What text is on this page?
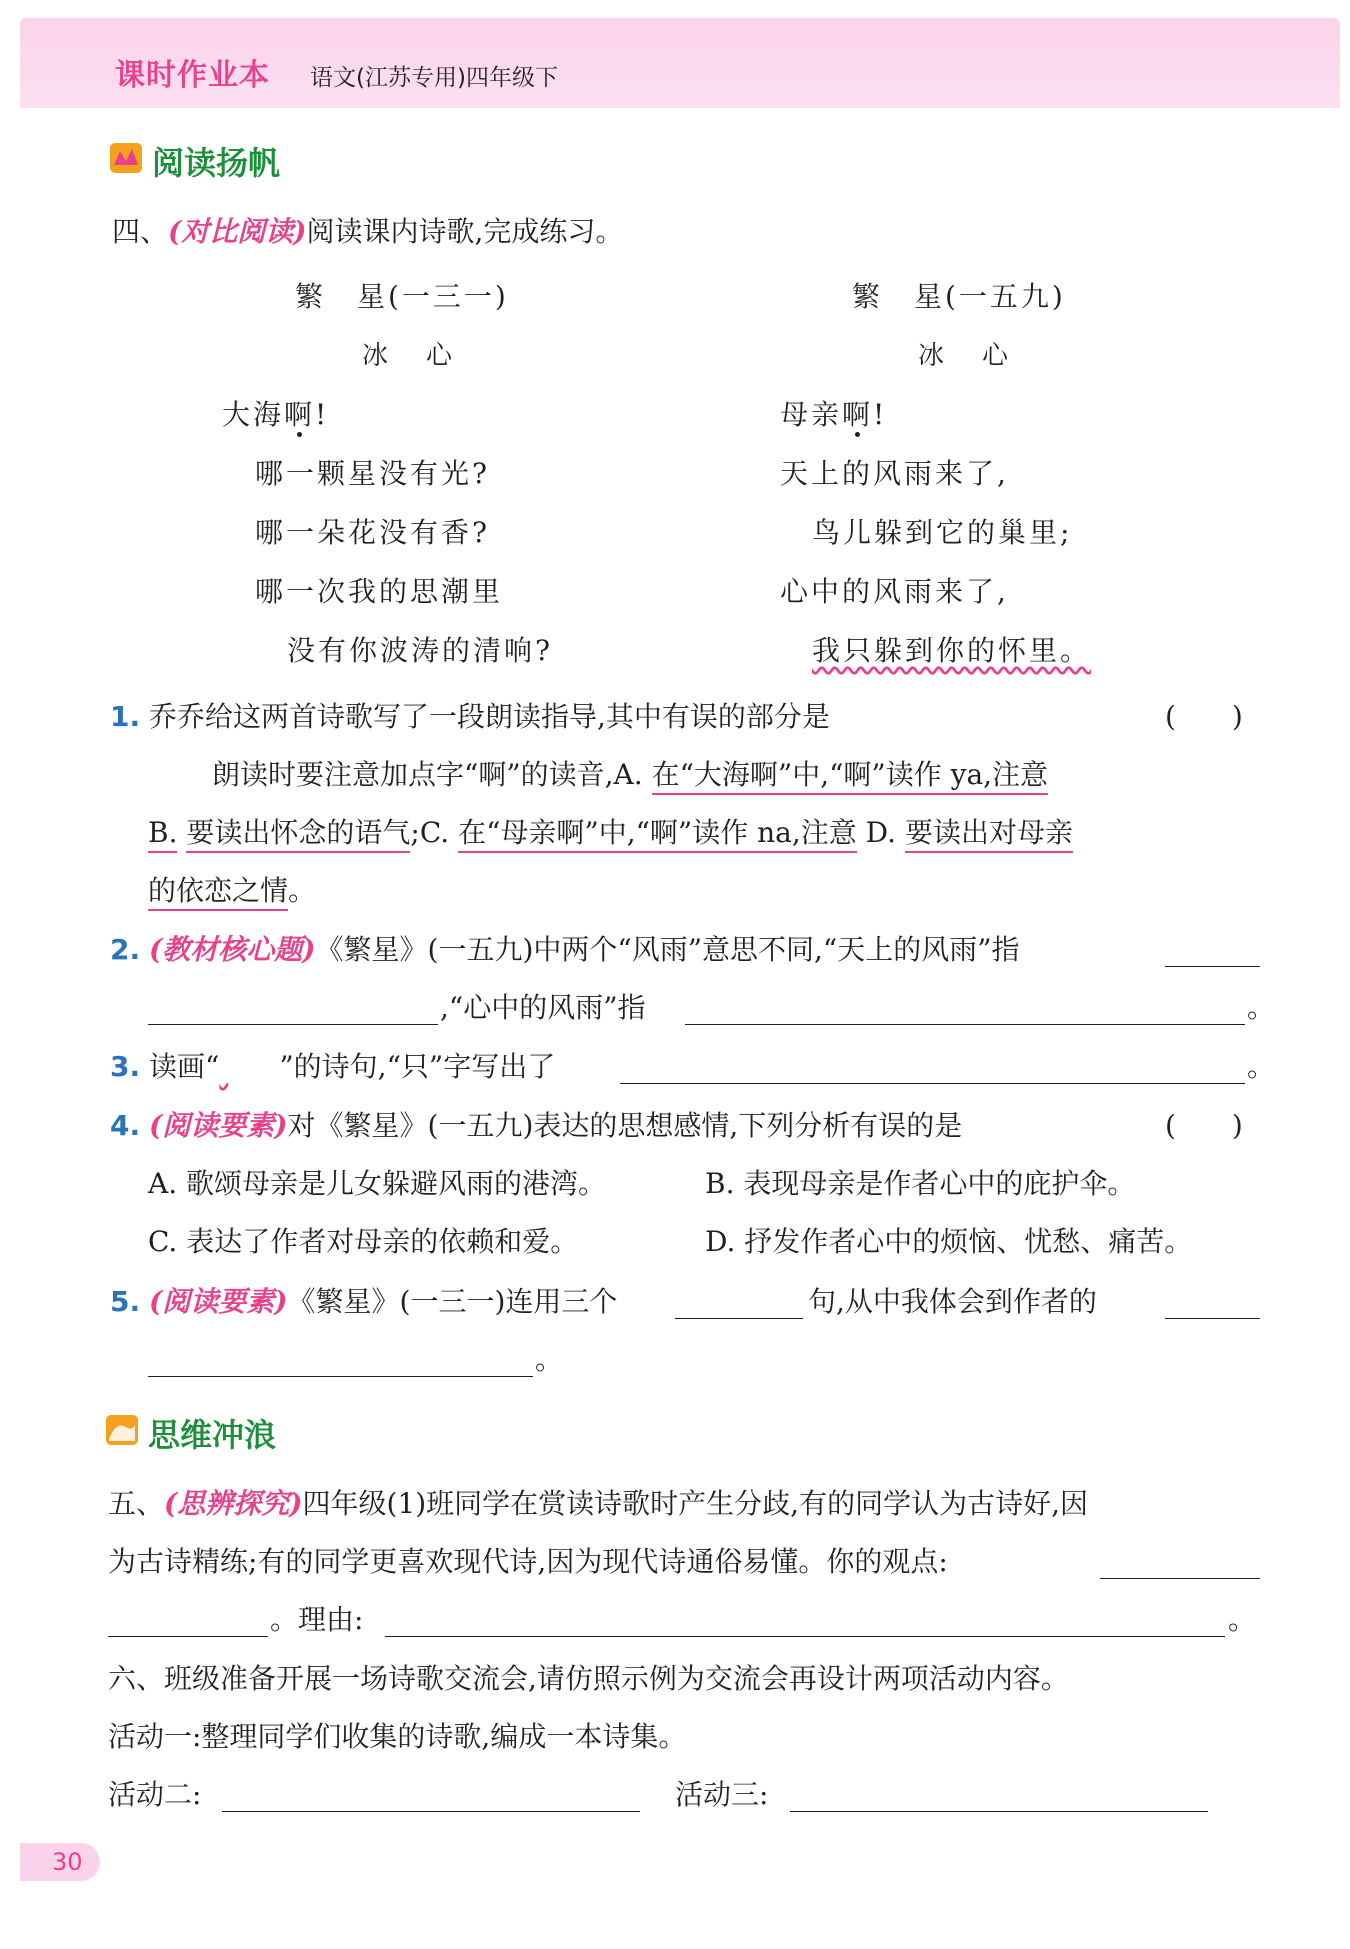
课时作业本 语文(江苏专用)四年级下
阅读扬帆
四、(对比阅读)阅读课内诗歌,完成练习。
繁　星(一三一)
冰　心
大海啊!
哪一颗星没有光?
哪一朵花没有香?
哪一次我的思潮里
没有你波涛的清响?
繁　星(一五九)
冰　心
母亲啊!
天上的风雨来了,
鸟儿躲到它的巢里;
心中的风雨来了,
我只躲到你的怀里。
1. 乔乔给这两首诗歌写了一段朗读指导,其中有误的部分是	(　　)
朗读时要注意加点字“啊”的读音,A. 在“大海啊”中,“啊”读作 ya,注意
B. 要读出怀念的语气;C. 在“母亲啊”中,“啊”读作 na,注意 D. 要读出对母亲
的依恋之情。
2. (教材核心题)《繁星》(一五九)中两个“风雨”意思不同,“天上的风雨”指
,“心中的风雨”指	。
3. 读画“ ”的诗句,“只”字写出了	。
4. (阅读要素)对《繁星》(一五九)表达的思想感情,下列分析有误的是	(　　)
A. 歌颂母亲是儿女躲避风雨的港湾。	B. 表现母亲是作者心中的庇护伞。
C. 表达了作者对母亲的依赖和爱。	D. 抒发作者心中的烦恼、忧愁、痛苦。
5. (阅读要素)《繁星》(一三一)连用三个	句,从中我体会到作者的
。
思维冲浪
五、(思辨探究)四年级(1)班同学在赏读诗歌时产生分歧,有的同学认为古诗好,因
为古诗精练;有的同学更喜欢现代诗,因为现代诗通俗易懂。你的观点:
。理由:	。
六、班级准备开展一场诗歌交流会,请仿照示例为交流会再设计两项活动内容。
活动一:整理同学们收集的诗歌,编成一本诗集。
活动二:	活动三:
30
